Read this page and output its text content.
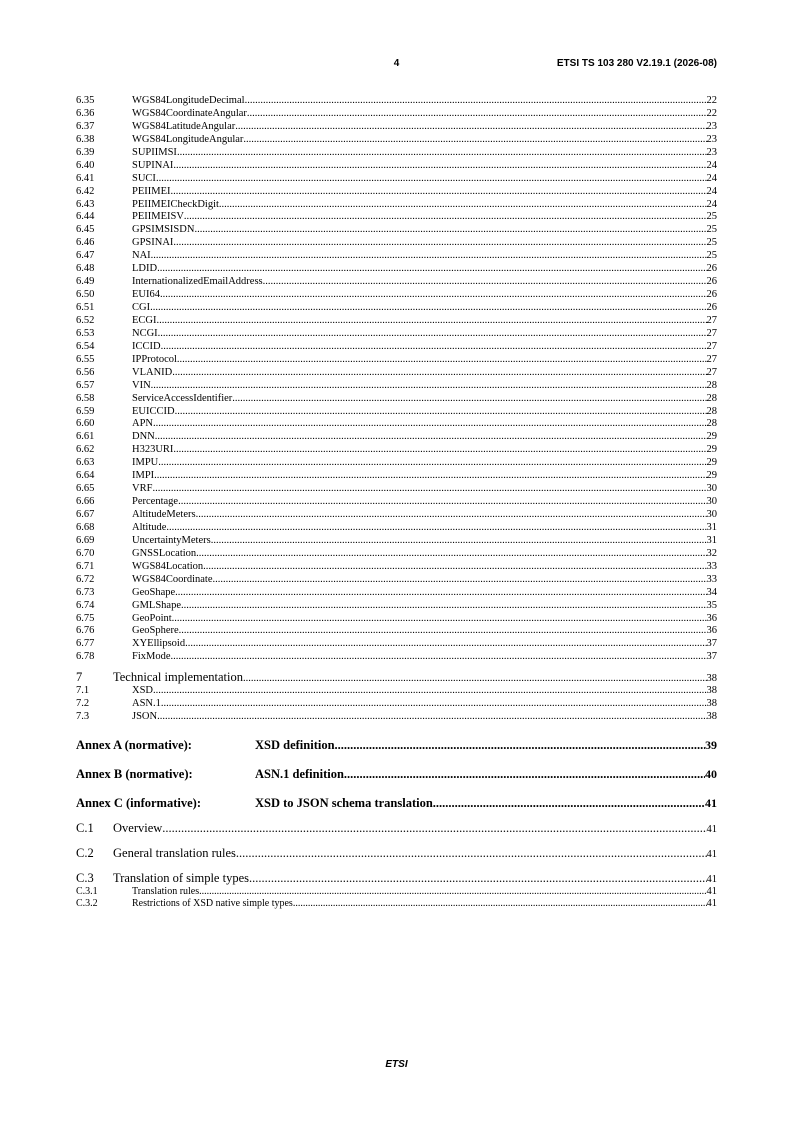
4	ETSI TS 103 280 V2.19.1 (2026-08)
6.35	WGS84LongitudeDecimal .....	22
6.36	WGS84CoordinateAngular .....	22
6.37	WGS84LatitudeAngular .....	23
6.38	WGS84LongitudeAngular .....	23
6.39	SUPIIMSI .....	23
6.40	SUPINAI .....	24
6.41	SUCI .....	24
6.42	PEIIMEI .....	24
6.43	PEIIMEICheckDigit .....	24
6.44	PEIIMEISV .....	25
6.45	GPSIMSISDN .....	25
6.46	GPSINAI .....	25
6.47	NAI .....	25
6.48	LDID .....	26
6.49	InternationalizedEmailAddress .....	26
6.50	EUI64 .....	26
6.51	CGI .....	26
6.52	ECGI .....	27
6.53	NCGI .....	27
6.54	ICCID .....	27
6.55	IPProtocol .....	27
6.56	VLANID .....	27
6.57	VIN .....	28
6.58	ServiceAccessIdentifier .....	28
6.59	EUICCID .....	28
6.60	APN .....	28
6.61	DNN .....	29
6.62	H323URI .....	29
6.63	IMPU .....	29
6.64	IMPI .....	29
6.65	VRF .....	30
6.66	Percentage .....	30
6.67	AltitudeMeters .....	30
6.68	Altitude .....	31
6.69	UncertaintyMeters .....	31
6.70	GNSSLocation .....	32
6.71	WGS84Location .....	33
6.72	WGS84Coordinate .....	33
6.73	GeoShape .....	34
6.74	GMLShape .....	35
6.75	GeoPoint .....	36
6.76	GeoSphere .....	36
6.77	XYEllipsoid .....	37
6.78	FixMode .....	37
7	Technical implementation .....	38
7.1	XSD .....	38
7.2	ASN.1 .....	38
7.3	JSON .....	38
Annex A (normative):	XSD definition .....	39
Annex B (normative):	ASN.1 definition .....	40
Annex C (informative):	XSD to JSON schema translation .....	41
C.1	Overview .....	41
C.2	General translation rules .....	41
C.3	Translation of simple types .....	41
C.3.1	Translation rules .....	41
C.3.2	Restrictions of XSD native simple types .....	41
ETSI
